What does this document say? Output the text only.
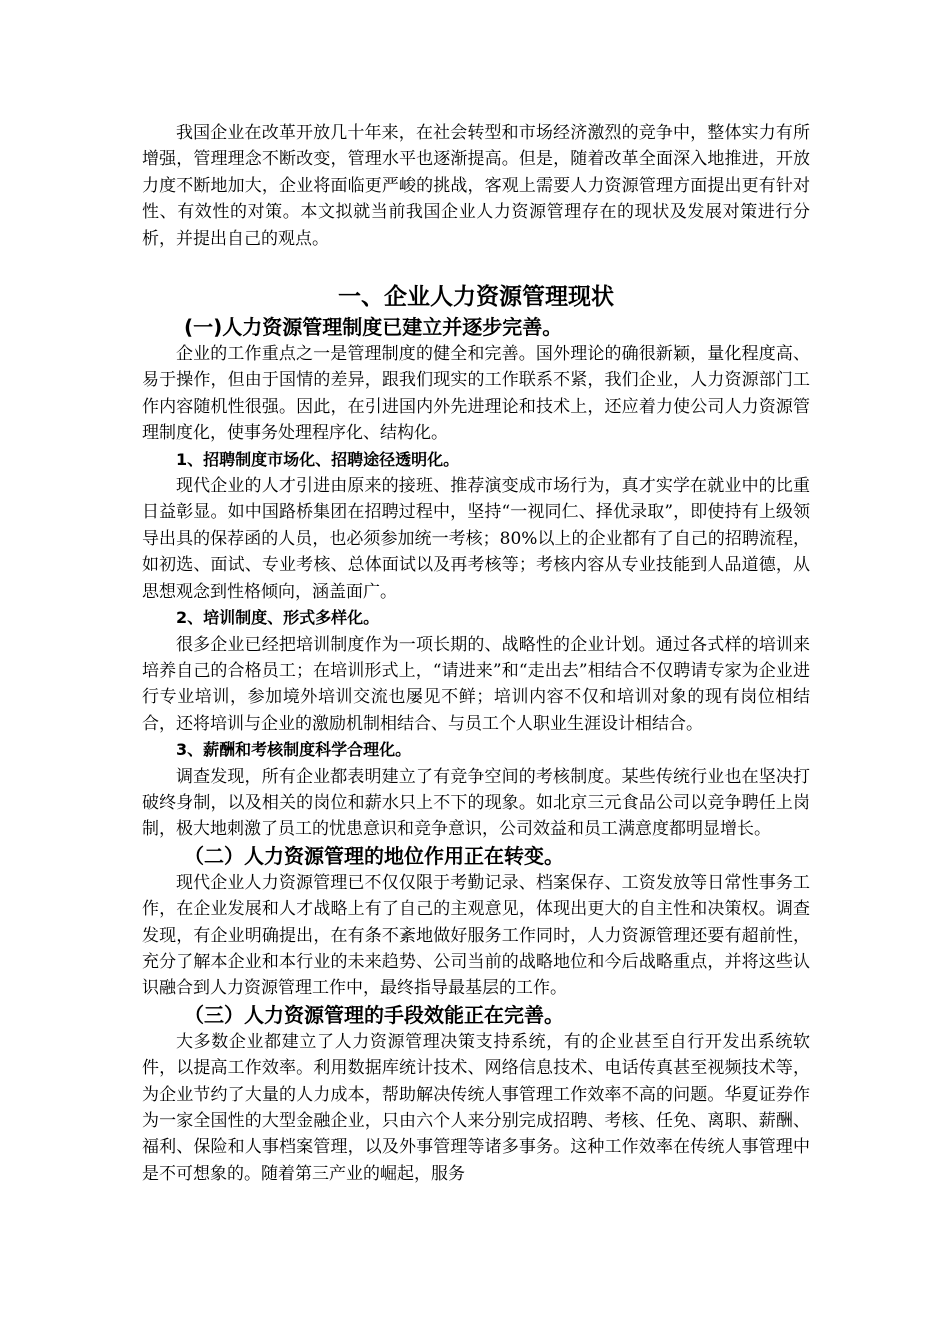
我国企业在改革开放几十年来，在社会转型和市场经济激烈的竞争中，整体实力有所增强，管理理念不断改变，管理水平也逐渐提高。但是，随着改革全面深入地推进，开放力度不断地加大，企业将面临更严峻的挑战，客观上需要人力资源管理方面提出更有针对性、有效性的对策。本文拟就当前我国企业人力资源管理存在的现状及发展对策进行分析，并提出自己的观点。

一、企业人力资源管理现状
(一)人力资源管理制度已建立并逐步完善。

企业的工作重点之一是管理制度的健全和完善。国外理论的确很新颖，量化程度高、易于操作，但由于国情的差异，跟我们现实的工作联系不紧，我们企业，人力资源部门工作内容随机性很强。因此，在引进国内外先进理论和技术上，还应着力使公司人力资源管理制度化，使事务处理程序化、结构化。

1、招聘制度市场化、招聘途径透明化。

现代企业的人才引进由原来的接班、推荐演变成市场行为，真才实学在就业中的比重日益彰显。如中国路桥集团在招聘过程中，坚持“一视同仁、择优录取”，即使持有上级领导出具的保荐函的人员，也必须参加统一考核；80%以上的企业都有了自己的招聘流程，如初选、面试、专业考核、总体面试以及再考核等；考核内容从专业技能到人品道德，从思想观念到性格倾向，涵盖面广。

2、培训制度、形式多样化。

很多企业已经把培训制度作为一项长期的、战略性的企业计划。通过各式样的培训来培养自己的合格员工；在培训形式上，“请进来”和“走出去”相结合不仅聘请专家为企业进行专业培训，参加境外培训交流也屡见不鲜；培训内容不仅和培训对象的现有岗位相结合，还将培训与企业的激励机制相结合、与员工个人职业生涯设计相结合。

3、薪酬和考核制度科学合理化。

调查发现，所有企业都表明建立了有竞争空间的考核制度。某些传统行业也在坚决打破终身制，以及相关的岗位和薪水只上不下的现象。如北京三元食品公司以竞争聘任上岗制，极大地刺激了员工的忧患意识和竞争意识，公司效益和员工满意度都明显增长。

（二）人力资源管理的地位作用正在转变。

现代企业人力资源管理已不仅仅限于考勤记录、档案保存、工资发放等日常性事务工作，在企业发展和人才战略上有了自己的主观意见，体现出更大的自主性和决策权。调查发现，有企业明确提出，在有条不紊地做好服务工作同时，人力资源管理还要有超前性，充分了解本企业和本行业的未来趋势、公司当前的战略地位和今后战略重点，并将这些认识融合到人力资源管理工作中，最终指导最基层的工作。

（三）人力资源管理的手段效能正在完善。

大多数企业都建立了人力资源管理决策支持系统，有的企业甚至自行开发出系统软件，以提高工作效率。利用数据库统计技术、网络信息技术、电话传真甚至视频技术等，为企业节约了大量的人力成本，帮助解决传统人事管理工作效率不高的问题。华夏证券作为一家全国性的大型金融企业，只由六个人来分别完成招聘、考核、任免、离职、薪酬、福利、保险和人事档案管理，以及外事管理等诸多事务。这种工作效率在传统人事管理中是不可想象的。随着第三产业的崛起，服务
